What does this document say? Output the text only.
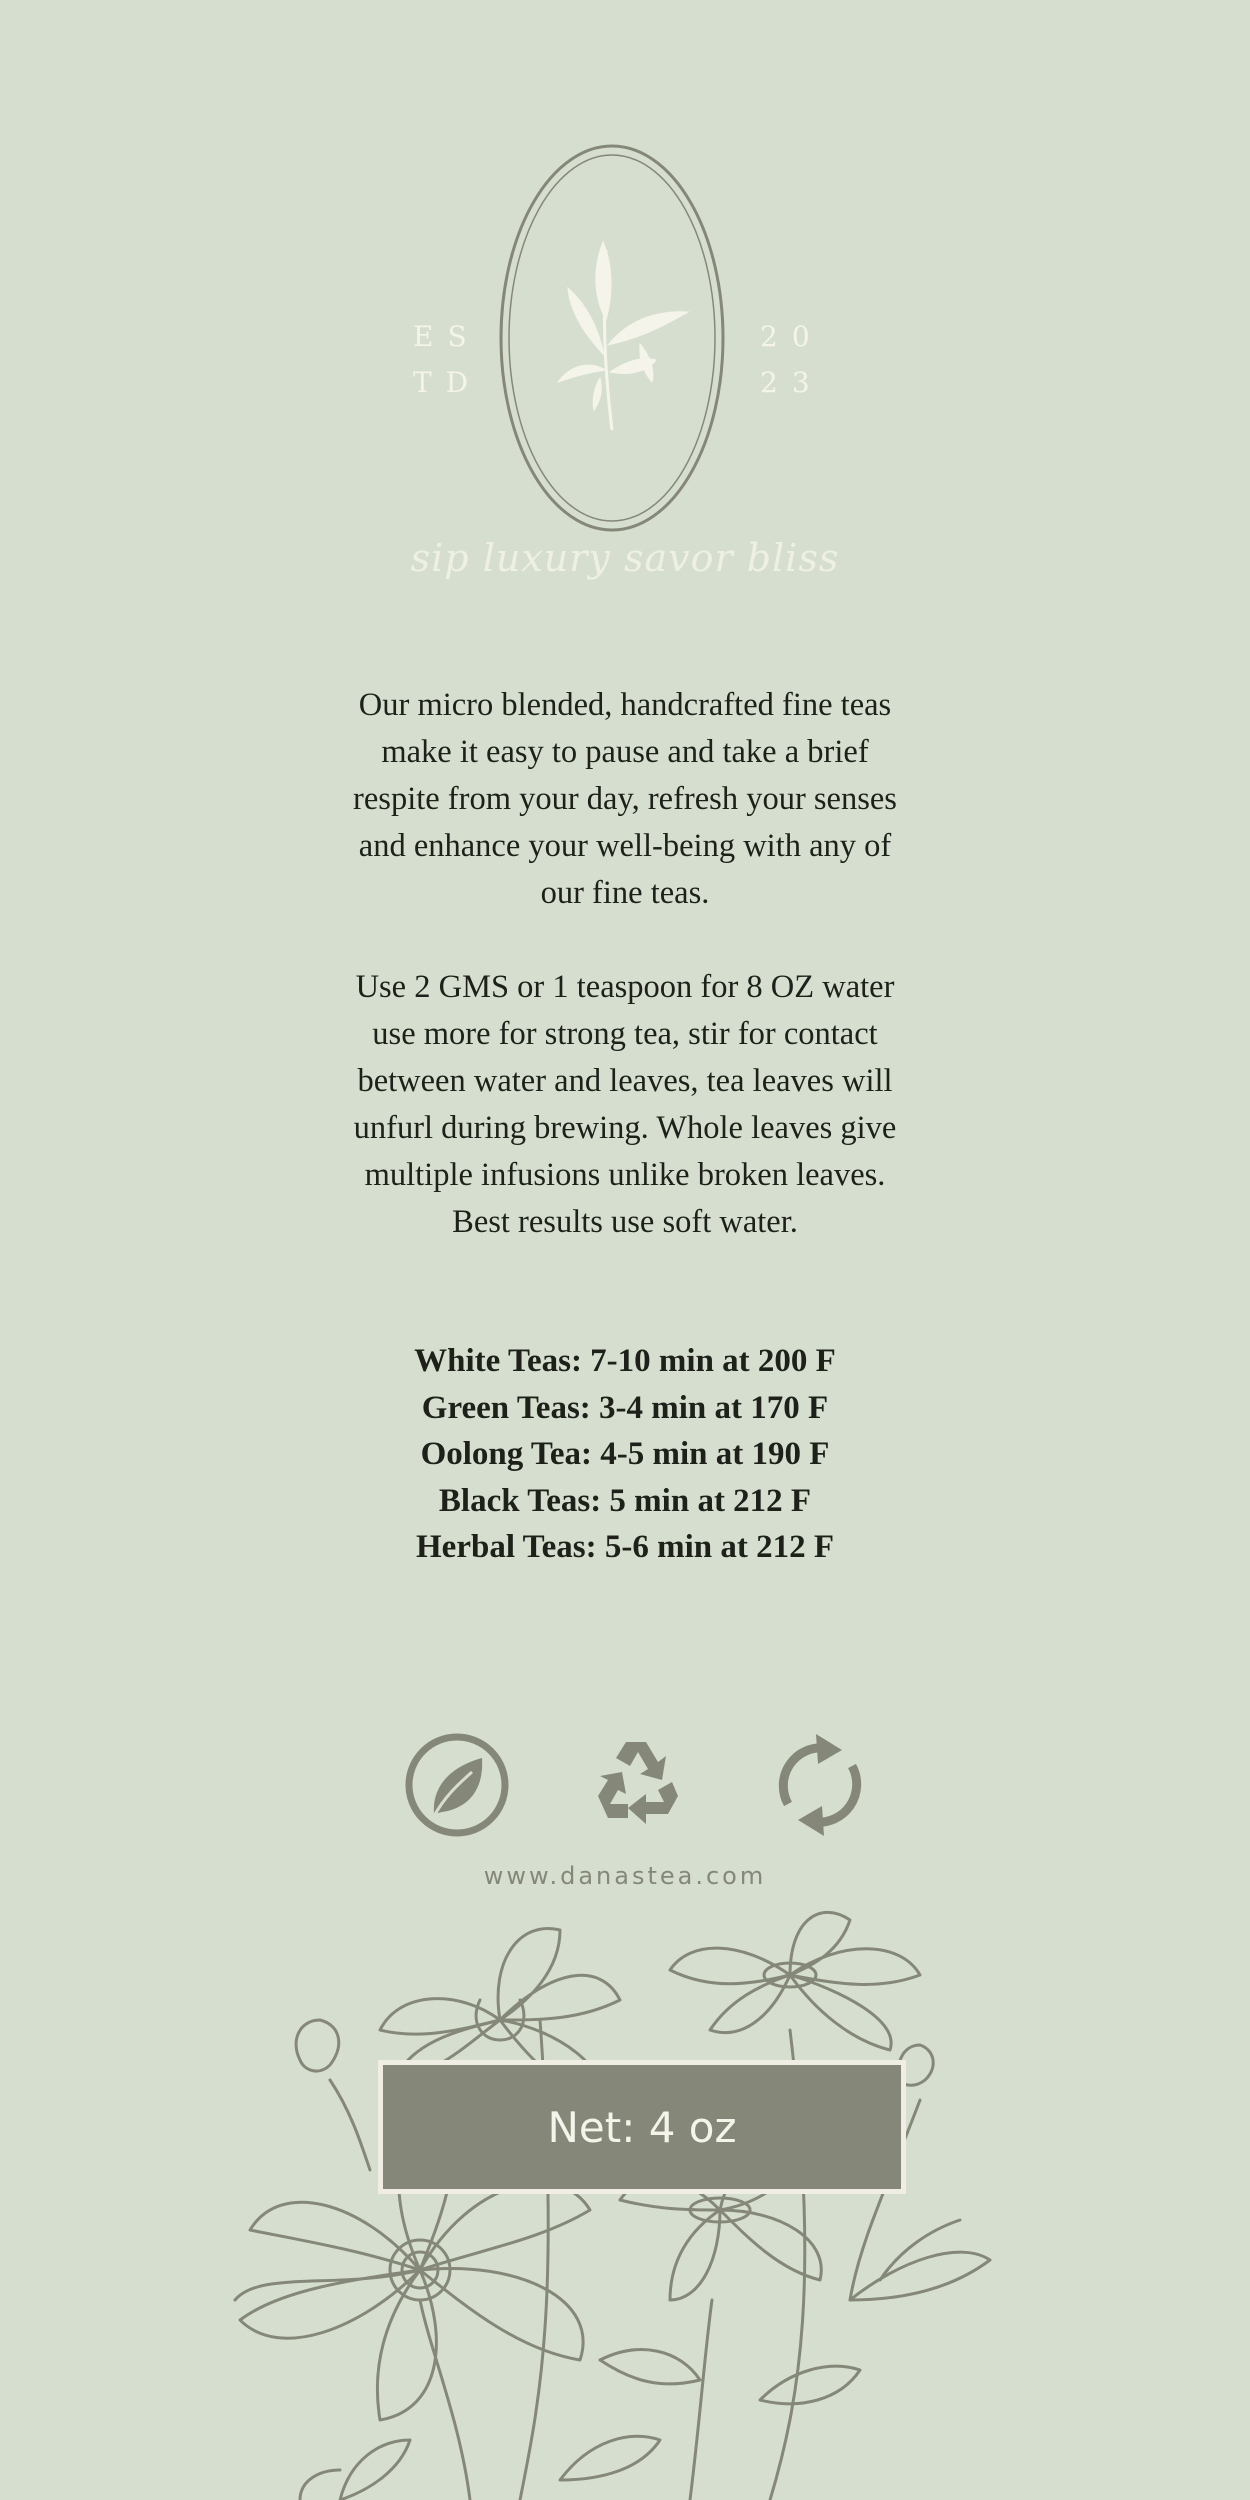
ES
TD
20
23
sip luxury savor bliss

Our micro blended, handcrafted fine teas make it easy to pause and take a brief respite from your day, refresh your senses and enhance your well-being with any of our fine teas.

Use 2 GMS or 1 teaspoon for 8 OZ water use more for strong tea, stir for contact between water and leaves, tea leaves will unfurl during brewing. Whole leaves give multiple infusions unlike broken leaves. Best results use soft water.

White Teas: 7-10 min at 200 F
Green Teas: 3-4 min at 170 F
Oolong Tea: 4-5 min at 190 F
Black Teas: 5 min at 212 F
Herbal Teas: 5-6 min at 212 F
www.danastea.com
Net: 4 oz
